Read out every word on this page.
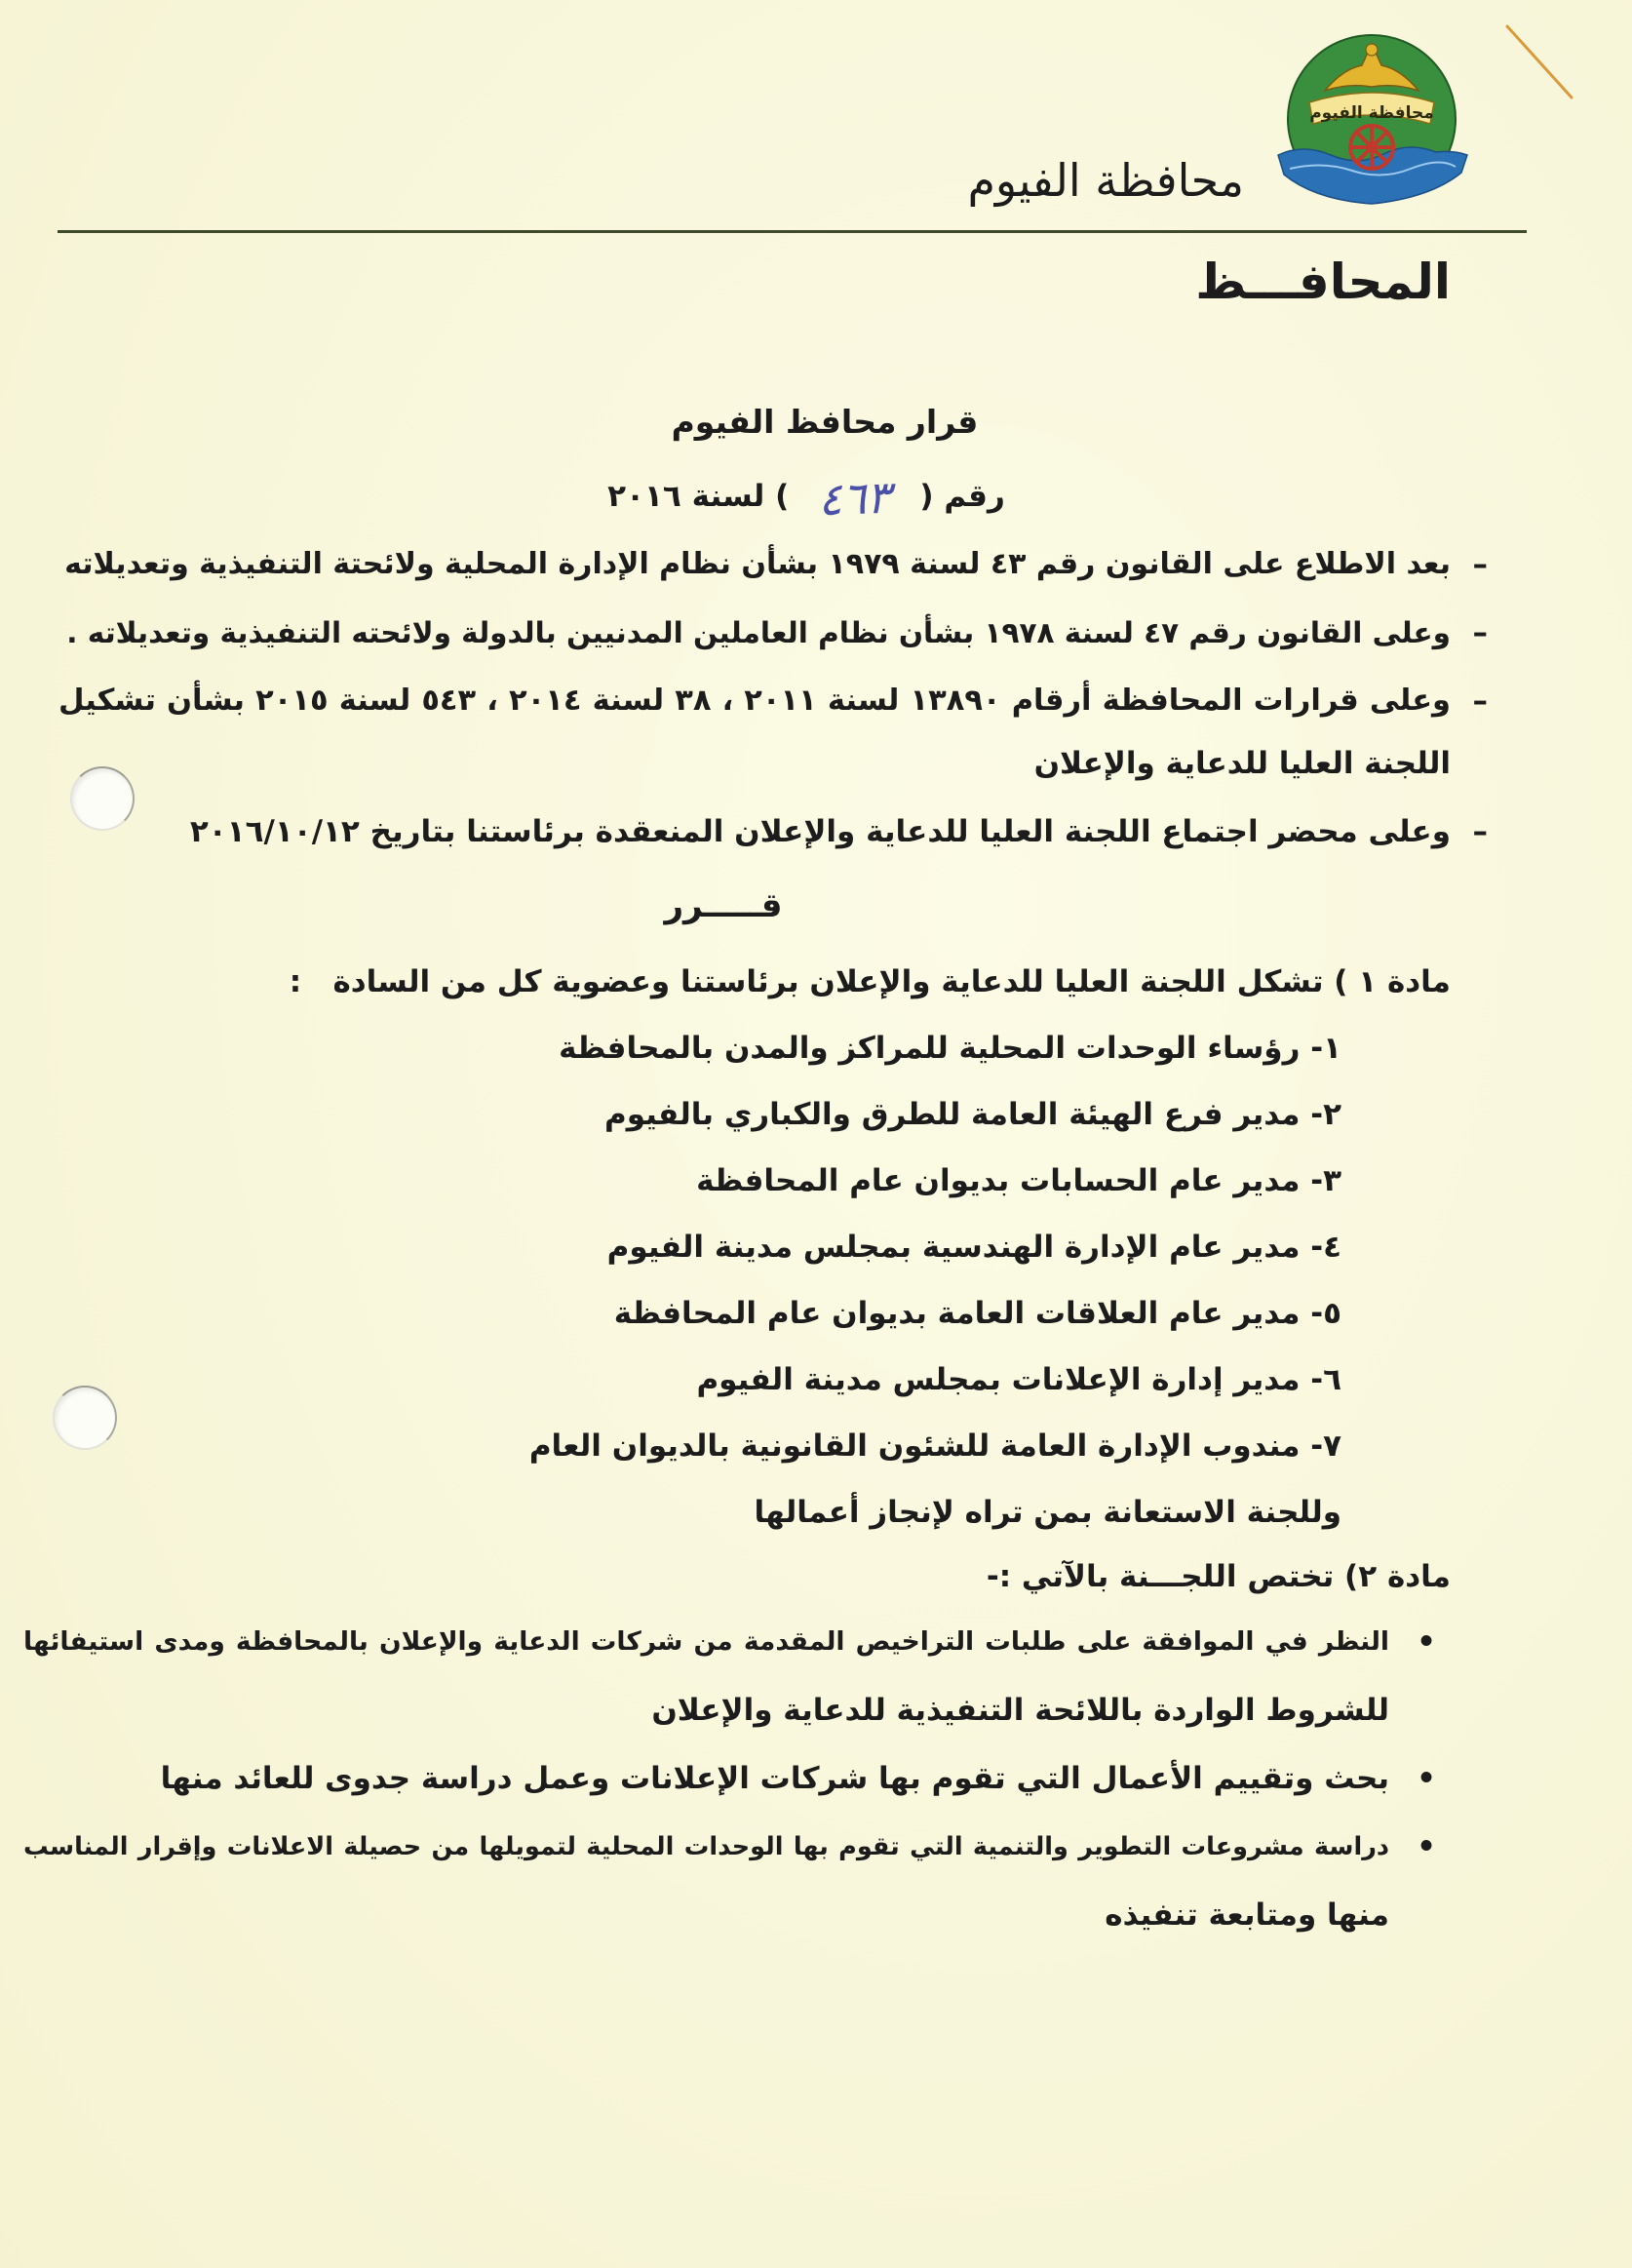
محافظة الفيوم
محافظة الفيوم
المحافـــظ
قرار محافظ الفيوم
رقم (٤٦٣) لسنة ٢٠١٦
–
بعد الاطلاع على القانون رقم ٤٣ لسنة ١٩٧٩ بشأن نظام الإدارة المحلية ولائحتة التنفيذية وتعديلاته
–
وعلى القانون رقم ٤٧ لسنة ١٩٧٨ بشأن نظام العاملين المدنيين بالدولة ولائحته التنفيذية وتعديلاته .
–
وعلى قرارات المحافظة أرقام ١٣٨٩٠ لسنة ٢٠١١ ، ٣٨ لسنة ٢٠١٤ ، ٥٤٣ لسنة ٢٠١٥ بشأن تشكيل
اللجنة العليا للدعاية والإعلان
–
وعلى محضر اجتماع اللجنة العليا للدعاية والإعلان المنعقدة برئاستنا بتاريخ ٢٠١٦/١٠/١٢
قـــــرر
مادة ١ ) تشكل اللجنة العليا للدعاية والإعلان برئاستنا وعضوية كل من السادة   :
١- رؤساء الوحدات المحلية للمراكز والمدن بالمحافظة
٢- مدير فرع الهيئة العامة للطرق والكباري بالفيوم
٣- مدير عام الحسابات بديوان عام المحافظة
٤- مدير عام الإدارة الهندسية بمجلس مدينة الفيوم
٥- مدير عام العلاقات العامة بديوان عام المحافظة
٦- مدير إدارة الإعلانات بمجلس مدينة الفيوم
٧- مندوب الإدارة العامة للشئون القانونية بالديوان العام
وللجنة الاستعانة بمن تراه لإنجاز أعمالها
مادة ٢) تختص اللجـــنة بالآتي :-
•
النظر في الموافقة على طلبات التراخيص المقدمة من شركات الدعاية والإعلان بالمحافظة ومدى استيفائها
للشروط الواردة باللائحة التنفيذية للدعاية والإعلان
•
بحث وتقييم الأعمال التي تقوم بها شركات الإعلانات وعمل دراسة جدوى للعائد منها
•
دراسة مشروعات التطوير والتنمية التي تقوم بها الوحدات المحلية لتمويلها من حصيلة الاعلانات وإقرار المناسب
منها ومتابعة تنفيذه
